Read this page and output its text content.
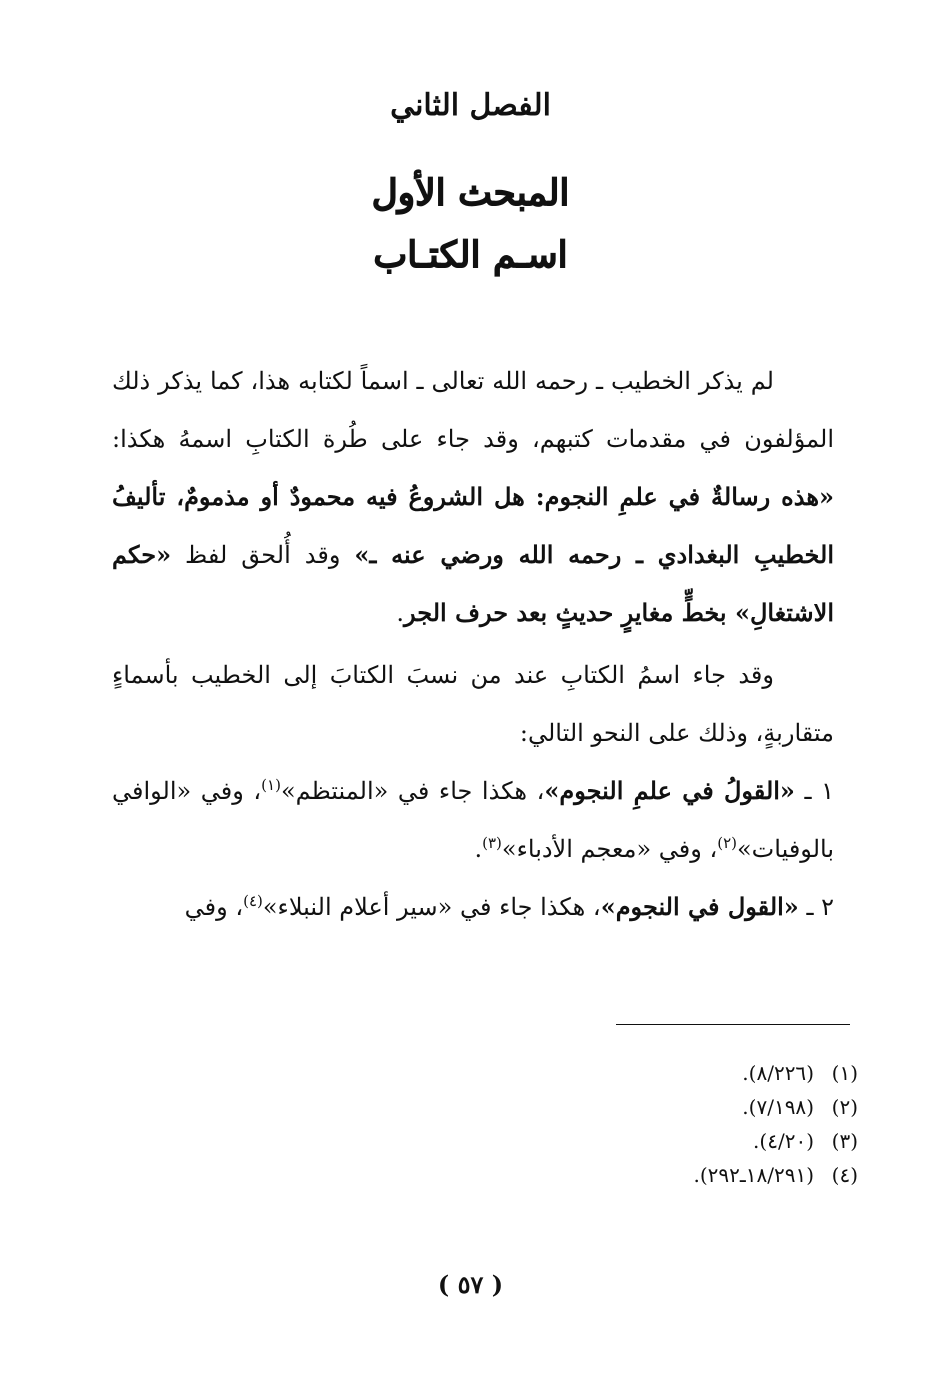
الفصل الثاني
المبحث الأول
اسـم الكتـاب

لم يذكر الخطيب ـ رحمه الله تعالى ـ اسماً لكتابه هذا، كما يذكر ذلك المؤلفون في مقدمات كتبهم، وقد جاء على طُرة الكتابِ اسمهُ هكذا: «هذه رسالةٌ في علمِ النجوم: هل الشروعُ فيه محمودٌ أو مذمومٌ، تأليفُ الخطيبِ البغدادي ـ رحمه الله ورضي عنه ـ» وقد أُلحق لفظ «حكم الاشتغالِ» بخطٍّ مغايرٍ حديثٍ بعد حرف الجر.

وقد جاء اسمُ الكتابِ عند من نسبَ الكتابَ إلى الخطيب بأسماءٍ متقاربةٍ، وذلك على النحو التالي:

١ ـ «القولُ في علمِ النجوم»، هكذا جاء في «المنتظم»$^{(١)}$، وفي «الوافي بالوفيات»$^{(٢)}$، وفي «معجم الأدباء»$^{(٣)}$.

٢ ـ «القول في النجوم»، هكذا جاء في «سير أعلام النبلاء»$^{(٤)}$، وفي

(١)(٨/٢٢٦).
(٢)(٧/١٩٨).
(٣)(٤/٢٠).
(٤)(١٨/٢٩١ـ٢٩٢).
( ٥٧ )
